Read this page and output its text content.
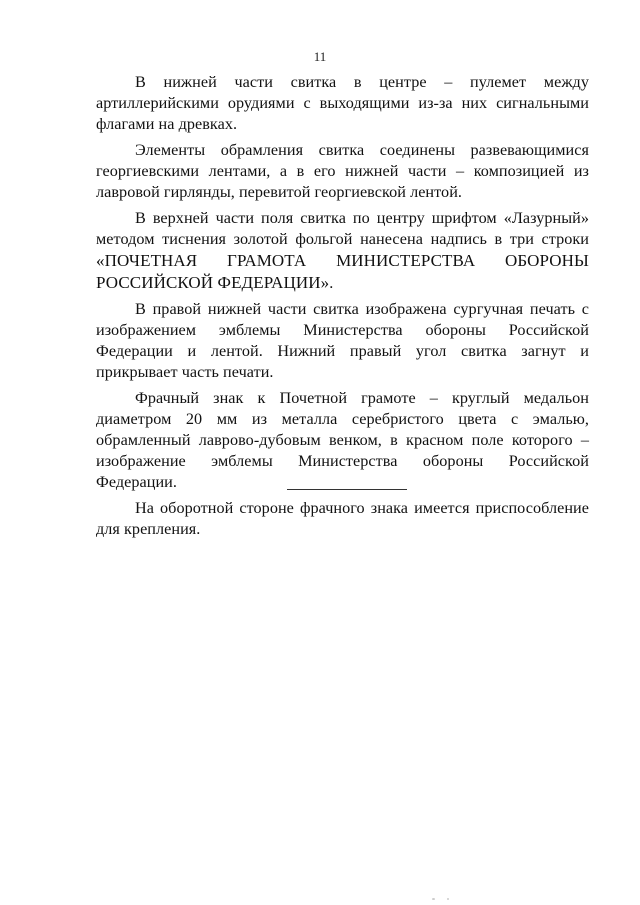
11

В нижней части свитка в центре – пулемет между артиллерийскими орудиями с выходящими из-за них сигнальными флагами на древках.

Элементы обрамления свитка соединены развевающимися георгиевскими лентами, а в его нижней части – композицией из лавровой гирлянды, перевитой георгиевской лентой.

В верхней части поля свитка по центру шрифтом «Лазурный» методом тиснения золотой фольгой нанесена надпись в три строки «ПОЧЕТНАЯ ГРАМОТА МИНИСТЕРСТВА ОБОРОНЫ РОССИЙСКОЙ ФЕДЕРАЦИИ».

В правой нижней части свитка изображена сургучная печать с изображением эмблемы Министерства обороны Российской Федерации и лентой. Нижний правый угол свитка загнут и прикрывает часть печати.

Фрачный знак к Почетной грамоте – круглый медальон диаметром 20 мм из металла серебристого цвета с эмалью, обрамленный лаврово-дубовым венком, в красном поле которого – изображение эмблемы Министерства обороны Российской Федерации.

На оборотной стороне фрачного знака имеется приспособление для крепления.
